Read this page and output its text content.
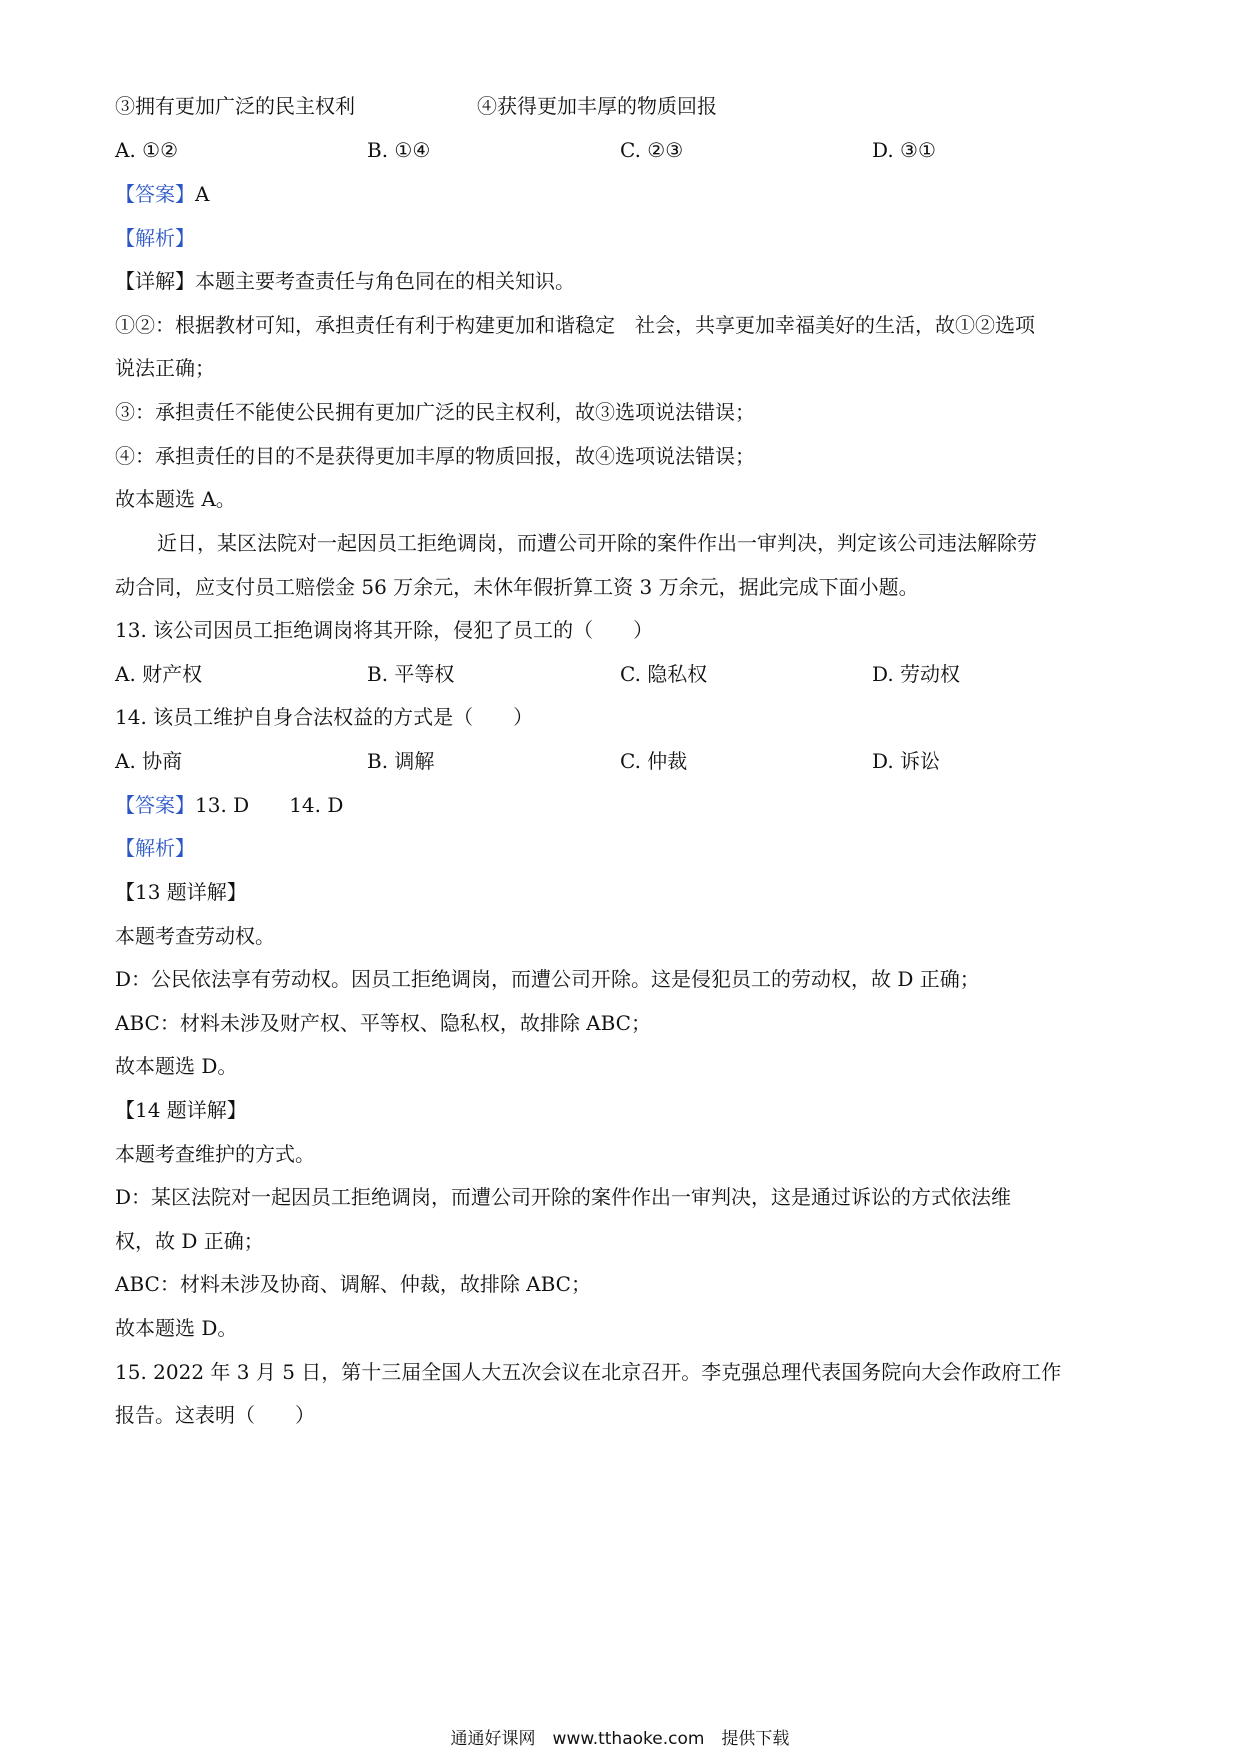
③拥有更加广泛的民主权利	④获得更加丰厚的物质回报
A. ①②	B. ①④	C. ②③	D. ③①
【答案】A
【解析】
【详解】本题主要考查责任与角色同在的相关知识。
①②：根据教材可知，承担责任有利于构建更加和谐稳定　社会，共享更加幸福美好的生活，故①②选项
说法正确；
③：承担责任不能使公民拥有更加广泛的民主权利，故③选项说法错误；
④：承担责任的目的不是获得更加丰厚的物质回报，故④选项说法错误；
故本题选 A。
近日，某区法院对一起因员工拒绝调岗，而遭公司开除的案件作出一审判决，判定该公司违法解除劳
动合同，应支付员工赔偿金 56 万余元，未休年假折算工资 3 万余元，据此完成下面小题。
13. 该公司因员工拒绝调岗将其开除，侵犯了员工的（　　）
A. 财产权	B. 平等权	C. 隐私权	D. 劳动权
14. 该员工维护自身合法权益的方式是（　　）
A. 协商	B. 调解	C. 仲裁	D. 诉讼
【答案】13. D　　14. D
【解析】
【13 题详解】
本题考查劳动权。
D：公民依法享有劳动权。因员工拒绝调岗，而遭公司开除。这是侵犯员工的劳动权，故 D 正确；
ABC：材料未涉及财产权、平等权、隐私权，故排除 ABC；
故本题选 D。
【14 题详解】
本题考查维护的方式。
D：某区法院对一起因员工拒绝调岗，而遭公司开除的案件作出一审判决，这是通过诉讼的方式依法维
权，故 D 正确；
ABC：材料未涉及协商、调解、仲裁，故排除 ABC；
故本题选 D。
15. 2022 年 3 月 5 日，第十三届全国人大五次会议在北京召开。李克强总理代表国务院向大会作政府工作
报告。这表明（　　）
通通好课网　www.tthaoke.com　提供下载
